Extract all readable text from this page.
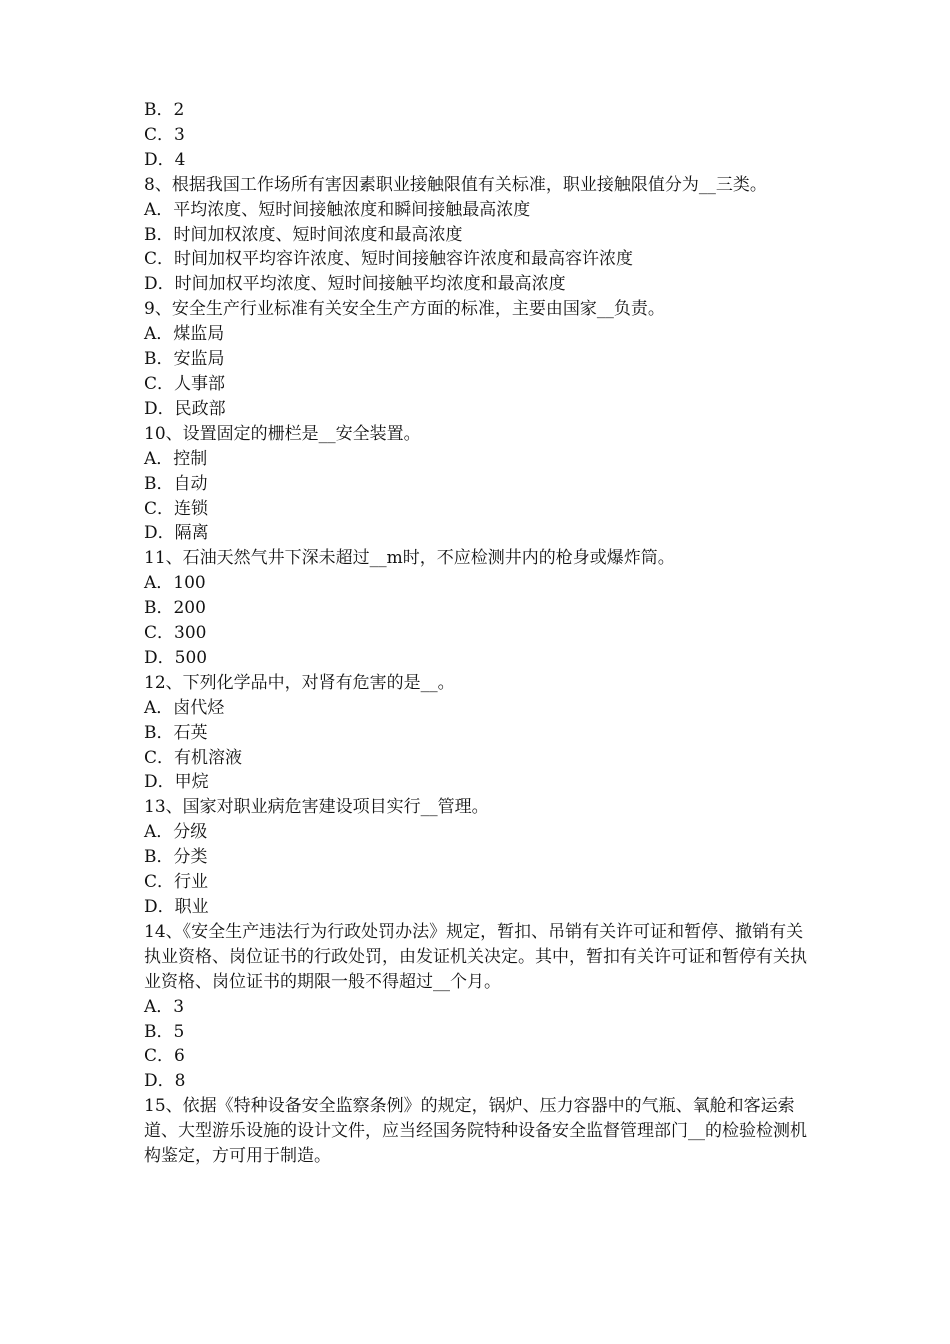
B．2

C．3

D．4

8、根据我国工作场所有害因素职业接触限值有关标准，职业接触限值分为__三类。

A．平均浓度、短时间接触浓度和瞬间接触最高浓度

B．时间加权浓度、短时间浓度和最高浓度

C．时间加权平均容许浓度、短时间接触容许浓度和最高容许浓度

D．时间加权平均浓度、短时间接触平均浓度和最高浓度

9、安全生产行业标准有关安全生产方面的标准，主要由国家__负责。

A．煤监局

B．安监局

C．人事部

D．民政部

10、设置固定的栅栏是__安全装置。

A．控制

B．自动

C．连锁

D．隔离

11、石油天然气井下深未超过__m时，不应检测井内的枪身或爆炸筒。

A．100

B．200

C．300

D．500

12、下列化学品中，对肾有危害的是__。

A．卤代烃

B．石英

C．有机溶液

D．甲烷

13、国家对职业病危害建设项目实行__管理。

A．分级

B．分类

C．行业

D．职业

14、《安全生产违法行为行政处罚办法》规定，暂扣、吊销有关许可证和暂停、撤销有关执业资格、岗位证书的行政处罚，由发证机关决定。其中，暂扣有关许可证和暂停有关执业资格、岗位证书的期限一般不得超过__个月。

A．3

B．5

C．6

D．8

15、依据《特种设备安全监察条例》的规定，锅炉、压力容器中的气瓶、氧舱和客运索道、大型游乐设施的设计文件，应当经国务院特种设备安全监督管理部门__的检验检测机构鉴定，方可用于制造。
